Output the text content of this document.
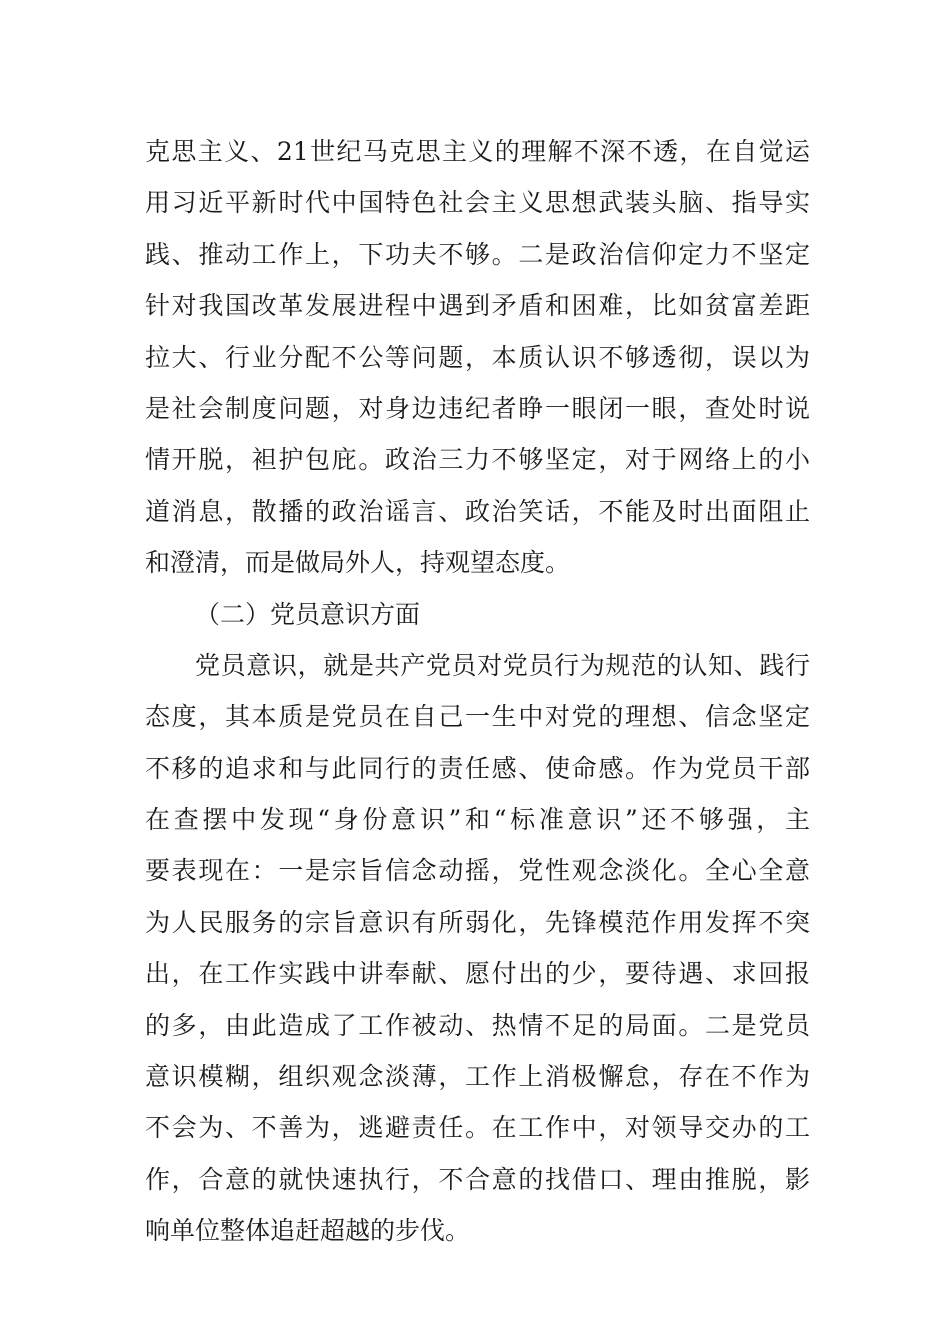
克思主义、21世纪马克思主义的理解不深不透，在自觉运
用习近平新时代中国特色社会主义思想武装头脑、指导实
践、推动工作上，下功夫不够。二是政治信仰定力不坚定
针对我国改革发展进程中遇到矛盾和困难，比如贫富差距
拉大、行业分配不公等问题，本质认识不够透彻，误以为
是社会制度问题，对身边违纪者睁一眼闭一眼，查处时说
情开脱，袒护包庇。政治三力不够坚定，对于网络上的小
道消息，散播的政治谣言、政治笑话，不能及时出面阻止
和澄清，而是做局外人，持观望态度。
（二）党员意识方面
党员意识，就是共产党员对党员行为规范的认知、践行
态度，其本质是党员在自己一生中对党的理想、信念坚定
不移的追求和与此同行的责任感、使命感。作为党员干部
在查摆中发现“身份意识”和“标准意识”还不够强，主
要表现在：一是宗旨信念动摇，党性观念淡化。全心全意
为人民服务的宗旨意识有所弱化，先锋模范作用发挥不突
出，在工作实践中讲奉献、愿付出的少，要待遇、求回报
的多，由此造成了工作被动、热情不足的局面。二是党员
意识模糊，组织观念淡薄，工作上消极懈怠，存在不作为
不会为、不善为，逃避责任。在工作中，对领导交办的工
作，合意的就快速执行，不合意的找借口、理由推脱，影
响单位整体追赶超越的步伐。
